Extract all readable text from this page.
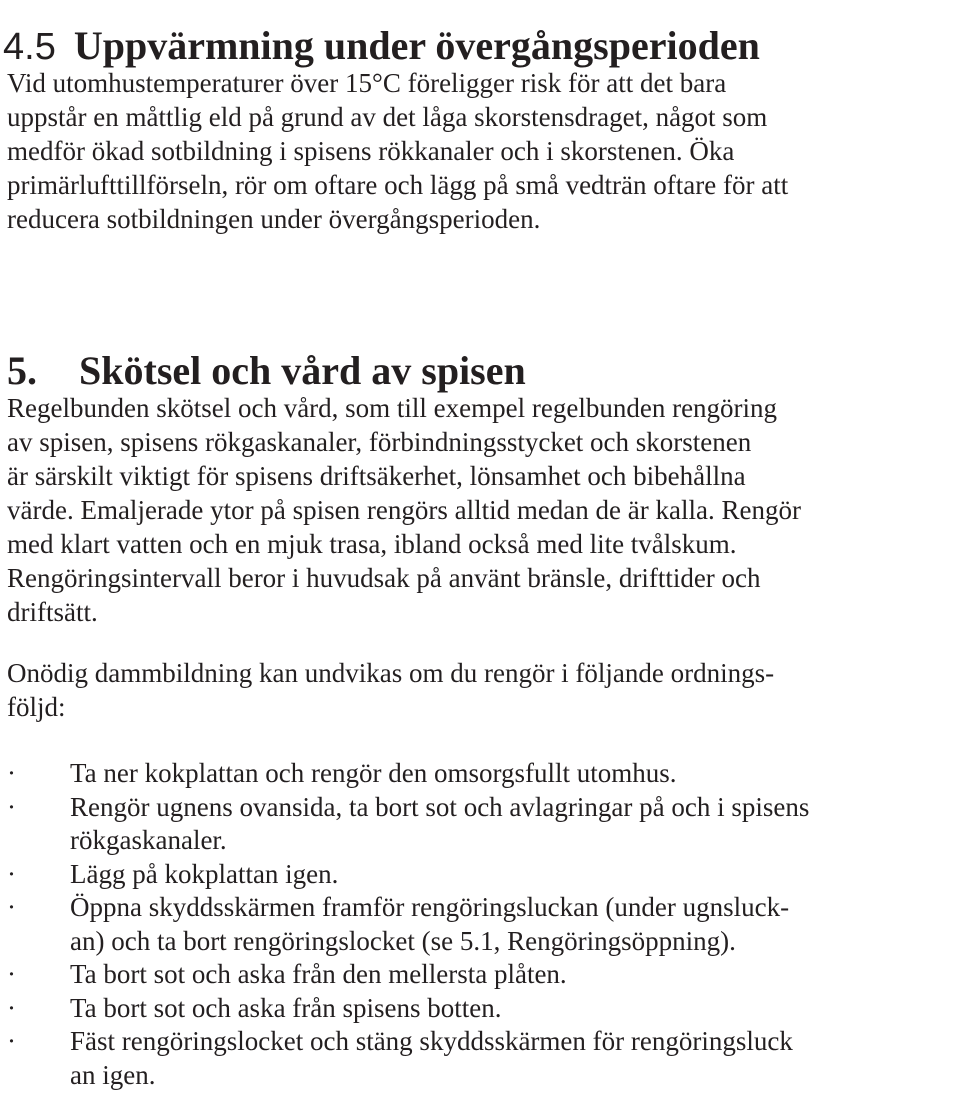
4.5 Uppvärmning under övergångsperioden

Vid utomhustemperaturer över 15°C föreligger risk för att det bara
uppstår en måttlig eld på grund av det låga skorstensdraget, något som
medför ökad sotbildning i spisens rökkanaler och i skorstenen. Öka
primärlufttillförseln, rör om oftare och lägg på små vedträn oftare för att
reducera sotbildningen under övergångsperioden.

5. Skötsel och vård av spisen

Regelbunden skötsel och vård, som till exempel regelbunden rengöring
av spisen, spisens rökgaskanaler, förbindningsstycket och skorstenen
är särskilt viktigt för spisens driftsäkerhet, lönsamhet och bibehållna
värde. Emaljerade ytor på spisen rengörs alltid medan de är kalla. Rengör
med klart vatten och en mjuk trasa, ibland också med lite tvålskum.
Rengöringsintervall beror i huvudsak på använt bränsle, drifttider och
driftsätt.

Onödig dammbildning kan undvikas om du rengör i följande ordnings-
följd:

·	Ta ner kokplattan och rengör den omsorgsfullt utomhus.
·	Rengör ugnens ovansida, ta bort sot och avlagringar på och i spisens
rökgaskanaler.
·	Lägg på kokplattan igen.
·	Öppna skyddsskärmen framför rengöringsluckan (under ugnsluck-
an) och ta bort rengöringslocket (se 5.1, Rengöringsöppning).
·	Ta bort sot och aska från den mellersta plåten.
·	Ta bort sot och aska från spisens botten.
·	Fäst rengöringslocket och stäng skyddsskärmen för rengöringsluck
an igen.
